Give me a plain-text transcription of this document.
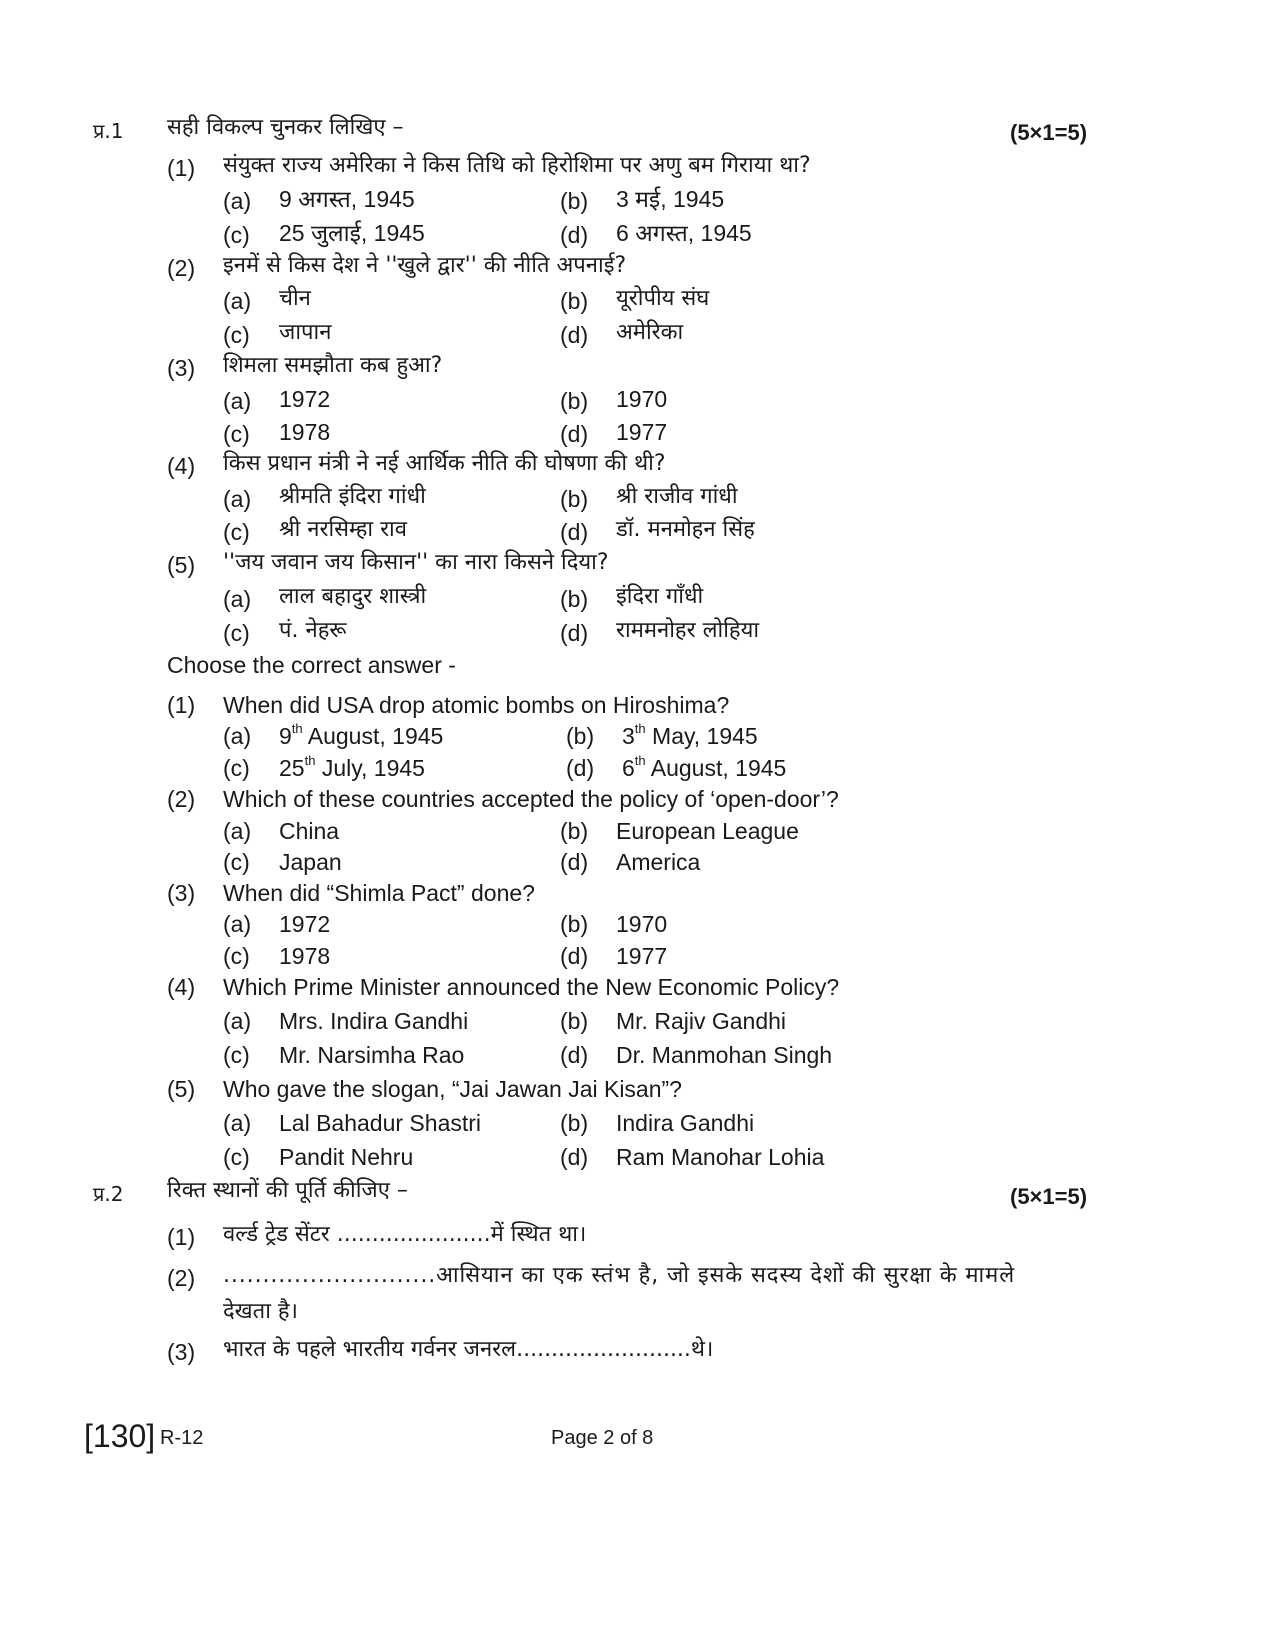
प्र.1 सही विकल्प चुनकर लिखिए –	(5×1=5)
(1) संयुक्त राज्य अमेरिका ने किस तिथि को हिरोशिमा पर अणु बम गिराया था?
(a) 9 अगस्त, 1945	(b) 3 मई, 1945
(c) 25 जुलाई, 1945	(d) 6 अगस्त, 1945
(2) इनमें से किस देश ने ''खुले द्वार'' की नीति अपनाई?
(a) चीन	(b) यूरोपीय संघ
(c) जापान	(d) अमेरिका
(3) शिमला समझौता कब हुआ?
(a) 1972	(b) 1970
(c) 1978	(d) 1977
(4) किस प्रधान मंत्री ने नई आर्थिक नीति की घोषणा की थी?
(a) श्रीमति इंदिरा गांधी	(b) श्री राजीव गांधी
(c) श्री नरसिम्हा राव	(d) डॉ. मनमोहन सिंह
(5) ''जय जवान जय किसान'' का नारा किसने दिया?
(a) लाल बहादुर शास्त्री	(b) इंदिरा गाँधी
(c) पं. नेहरू	(d) राममनोहर लोहिया
Choose the correct answer -
(1) When did USA drop atomic bombs on Hiroshima?
(a) 9th August, 1945	(b) 3th May, 1945
(c) 25th July, 1945	(d) 6th August, 1945
(2) Which of these countries accepted the policy of ‘open-door’?
(a) China	(b) European League
(c) Japan	(d) America
(3) When did “Shimla Pact” done?
(a) 1972	(b) 1970
(c) 1978	(d) 1977
(4) Which Prime Minister announced the New Economic Policy?
(a) Mrs. Indira Gandhi	(b) Mr. Rajiv Gandhi
(c) Mr. Narsimha Rao	(d) Dr. Manmohan Singh
(5) Who gave the slogan, “Jai Jawan Jai Kisan”?
(a) Lal Bahadur Shastri	(b) Indira Gandhi
(c) Pandit Nehru	(d) Ram Manohar Lohia
प्र.2 रिक्त स्थानों की पूर्ति कीजिए –	(5×1=5)
(1) वर्ल्ड ट्रेड सेंटर ......................में स्थित था।
(2) ...........................आसियान का एक स्तंभ है, जो इसके सदस्य देशों की सुरक्षा के मामले
देखता है।
(3) भारत के पहले भारतीय गर्वनर जनरल.........................थे।
[130] R-12	Page 2 of 8
